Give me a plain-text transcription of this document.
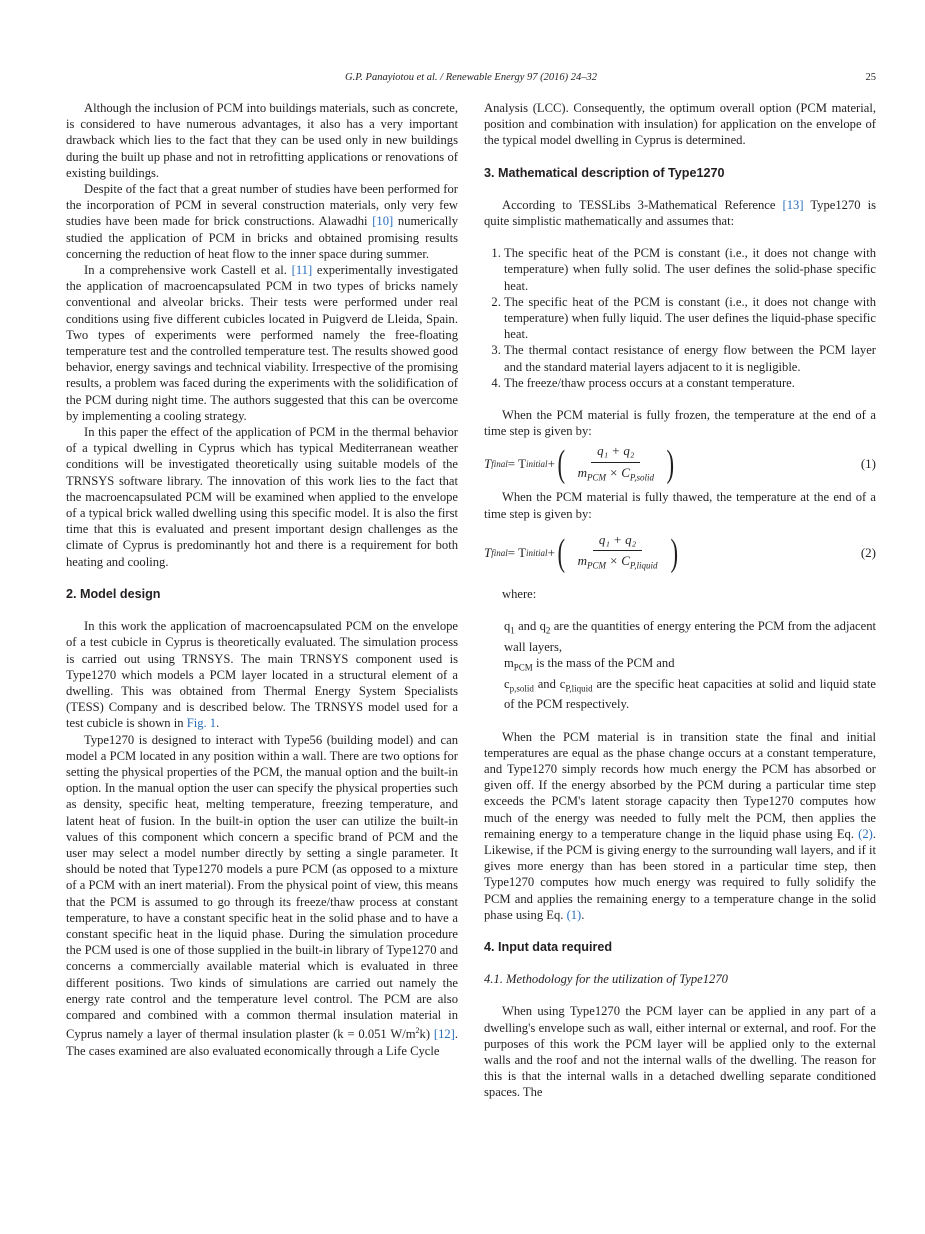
G.P. Panayiotou et al. / Renewable Energy 97 (2016) 24–32	25

Although the inclusion of PCM into buildings materials, such as concrete, is considered to have numerous advantages, it also has a very important drawback which lies to the fact that they can be used only in new buildings during the built up phase and not in retrofitting applications or renovations of existing buildings.

Despite of the fact that a great number of studies have been performed for the incorporation of PCM in several construction materials, only very few studies have been made for brick constructions. Alawadhi [10] numerically studied the application of PCM in bricks and obtained promising results concerning the reduction of heat flow to the inner space during summer.

In a comprehensive work Castell et al. [11] experimentally investigated the application of macroencapsulated PCM in two types of bricks namely conventional and alveolar bricks. Their tests were performed under real conditions using five different cubicles located in Puigverd de Lleida, Spain. Two types of experiments were performed namely the free-floating temperature test and the controlled temperature test. The results showed good behavior, energy savings and technical viability. Irrespective of the promising results, a problem was faced during the experiments with the solidification of the PCM during night time. The authors suggested that this can be overcome by implementing a cooling strategy.

In this paper the effect of the application of PCM in the thermal behavior of a typical dwelling in Cyprus which has typical Mediterranean weather conditions will be investigated theoretically using suitable models of the TRNSYS software library. The innovation of this work lies to the fact that the macroencapsulated PCM will be examined when applied to the envelope of a typical brick walled dwelling using this specific model. It is also the first time that this is evaluated and present important design challenges as the climate of Cyprus is predominantly hot and there is a requirement for both heating and cooling.

2. Model design

In this work the application of macroencapsulated PCM on the envelope of a test cubicle in Cyprus is theoretically evaluated. The simulation process is carried out using TRNSYS. The main TRNSYS component used is Type1270 which models a PCM layer located in a structural element of a dwelling. This was obtained from Thermal Energy System Specialists (TESS) Company and is described below. The TRNSYS model used for a test cubicle is shown in Fig. 1.

Type1270 is designed to interact with Type56 (building model) and can model a PCM located in any position within a wall. There are two options for setting the physical properties of the PCM, the manual option and the built-in option. In the manual option the user can specify the physical properties such as density, specific heat, melting temperature, freezing temperature, and latent heat of fusion. In the built-in option the user can utilize the built-in values of this component which concern a specific brand of PCM and the user may select a model number directly by setting a single parameter. It should be noted that Type1270 models a pure PCM (as opposed to a mixture of a PCM with an inert material). From the physical point of view, this means that the PCM is assumed to go through its freeze/thaw process at constant temperature, to have a constant specific heat in the solid phase and to have a constant specific heat in the liquid phase. During the simulation procedure the PCM used is one of those supplied in the built-in library of Type1270 and concerns a commercially available material which is evaluated in three different positions. Two kinds of simulations are carried out namely the energy rate control and the temperature level control. The PCM are also compared and combined with a common thermal insulation material in Cyprus namely a layer of thermal insulation plaster (k = 0.051 $W/m^2k$) [12]. The cases examined are also evaluated economically through a Life Cycle

Analysis (LCC). Consequently, the optimum overall option (PCM material, position and combination with insulation) for application on the envelope of the typical model dwelling in Cyprus is determined.

3. Mathematical description of Type1270

According to TESSLibs 3-Mathematical Reference [13] Type1270 is quite simplistic mathematically and assumes that:

1. The specific heat of the PCM is constant (i.e., it does not change with temperature) when fully solid. The user defines the solid-phase specific heat.
2. The specific heat of the PCM is constant (i.e., it does not change with temperature) when fully liquid. The user defines the liquid-phase specific heat.
3. The thermal contact resistance of energy flow between the PCM layer and the standard material layers adjacent to it is negligible.
4. The freeze/thaw process occurs at a constant temperature.

When the PCM material is fully frozen, the temperature at the end of a time step is given by:

T final = T initial + ( $\frac{\text{q₁ + q₂}}{m_{PCM} \times C_{P,solid}}$ )	(1)

When the PCM material is fully thawed, the temperature at the end of a time step is given by:

T final = T initial + ( $\frac{\text{q₁ + q₂}}{m_{PCM} \times C_{P,liquid}}$ )	(2)

where:

$q_1$ and $q_2$ are the quantities of energy entering the PCM from the adjacent wall layers,

$m_{PCM}$ is the mass of the PCM and

$c_{p,solid}$ and $c_{P,liquid}$ are the specific heat capacities at solid and liquid state of the PCM respectively.

When the PCM material is in transition state the final and initial temperatures are equal as the phase change occurs at a constant temperature, and Type1270 simply records how much energy the PCM has absorbed or given off. If the energy absorbed by the PCM during a particular time step exceeds the PCM's latent storage capacity then Type1270 computes how much of the energy was needed to fully melt the PCM, then applies the remaining energy to a temperature change in the liquid phase using Eq. (2). Likewise, if the PCM is giving energy to the surrounding wall layers, and if it gives more energy than has been stored in a particular time step, then Type1270 computes how much energy was required to fully solidify the PCM and applies the remaining energy to a temperature change in the solid phase using Eq. (1).

4. Input data required
4.1. Methodology for the utilization of Type1270

When using Type1270 the PCM layer can be applied in any part of a dwelling's envelope such as wall, either internal or external, and roof. For the purposes of this work the PCM layer will be applied only to the external walls and the roof and not the internal walls of the dwelling. The reason for this is that the internal walls in a detached dwelling separate conditioned spaces. The
